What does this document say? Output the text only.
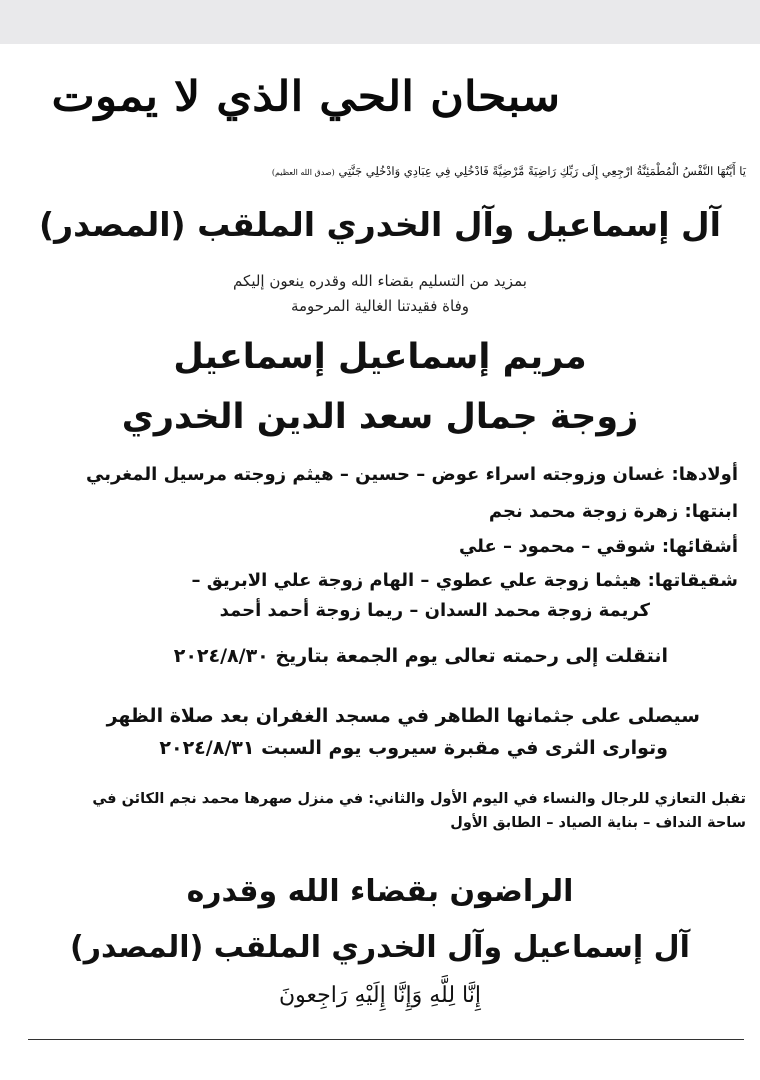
سبحان الحي الذي لا يموت
يَا أَيَّتُهَا النَّفْسُ الْمُطْمَئِنَّةُ ارْجِعِي إِلَى رَبِّكِ رَاضِيَةً مَّرْضِيَّةً فَادْخُلِي فِي عِبَادِي وَادْخُلِي جَنَّتِي (صدق الله العظيم)
آل إسماعيل وآل الخدري الملقب (المصدر)
بمزيد من التسليم بقضاء الله وقدره ينعون إليكم
وفاة فقيدتنا الغالية المرحومة
مريم إسماعيل إسماعيل
زوجة جمال سعد الدين الخدري
أولادها: غسان وزوجته اسراء عوض – حسين – هيثم زوجته مرسيل المغربي
ابنتها: زهرة زوجة محمد نجم
أشقائها: شوقي – محمود – علي
شقيقاتها: هيثما زوجة علي عطوي – الهام زوجة علي الابريق –
كريمة زوجة محمد السدان – ريما زوجة أحمد أحمد
انتقلت إلى رحمته تعالى يوم الجمعة بتاريخ ٢٠٢٤/٨/٣٠
سيصلى على جثمانها الطاهر في مسجد الغفران بعد صلاة الظهر
وتوارى الثرى في مقبرة سيروب يوم السبت ٢٠٢٤/٨/٣١
تقبل التعازي للرجال والنساء في اليوم الأول والثاني: في منزل صهرها محمد نجم الكائن في
ساحة النداف – بناية الصياد – الطابق الأول
الراضون بقضاء الله وقدره
آل إسماعيل وآل الخدري الملقب (المصدر)
إِنَّا لِلَّهِ وَإِنَّا إِلَيْهِ رَاجِعونَ
